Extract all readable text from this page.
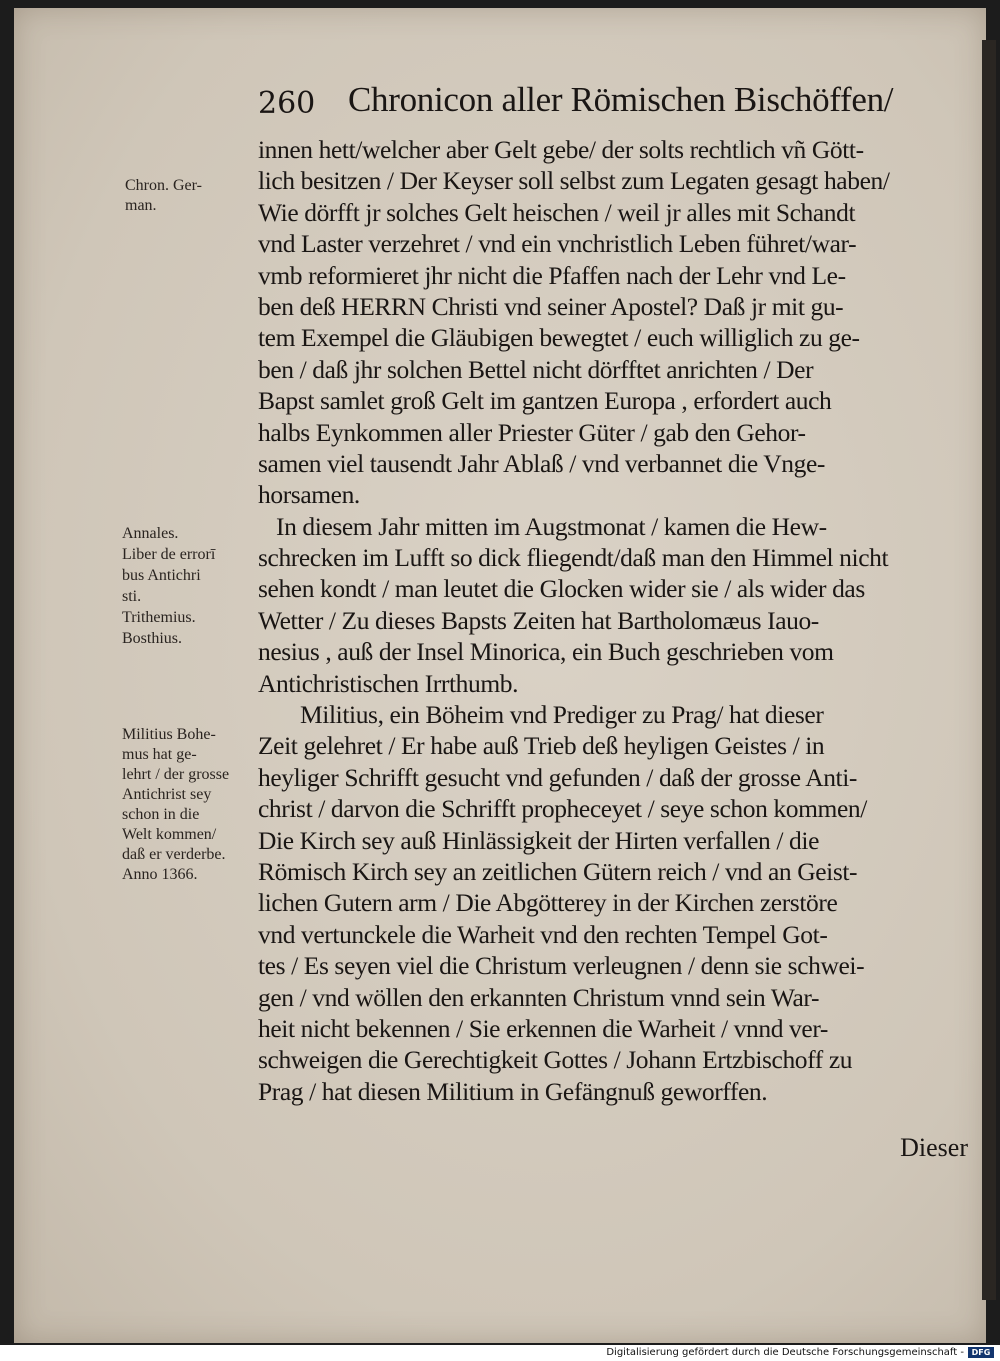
260 Chronicon aller Römischen Bischöffen/
innen hett/welcher aber Gelt gebe/ der solts rechtlich vñ Gött-
lich besitzen / Der Keyser soll selbst zum Legaten gesagt haben/
Wie dörfft jr solches Gelt heischen / weil jr alles mit Schandt
vnd Laster verzehret / vnd ein vnchristlich Leben führet/war-
vmb reformieret jhr nicht die Pfaffen nach der Lehr vnd Le-
ben deß HERRN Christi vnd seiner Apostel? Daß jr mit gu-
tem Exempel die Gläubigen bewegtet / euch williglich zu ge-
ben / daß jhr solchen Bettel nicht dörfftet anrichten / Der
Bapst samlet groß Gelt im gantzen Europa , erfordert auch
halbs Eynkommen aller Priester Güter / gab den Gehor-
samen viel tausendt Jahr Ablaß / vnd verbannet die Vnge-
horsamen.
In diesem Jahr mitten im Augstmonat / kamen die Hew-
schrecken im Lufft so dick fliegendt/daß man den Himmel nicht
sehen kondt / man leutet die Glocken wider sie / als wider das
Wetter / Zu dieses Bapsts Zeiten hat Bartholomæus Iauo-
nesius , auß der Insel Minorica, ein Buch geschrieben vom
Antichristischen Irrthumb.
Militius, ein Böheim vnd Prediger zu Prag/ hat dieser
Zeit gelehret / Er habe auß Trieb deß heyligen Geistes / in
heyliger Schrifft gesucht vnd gefunden / daß der grosse Anti-
christ / darvon die Schrifft propheceyet / seye schon kommen/
Die Kirch sey auß Hinlässigkeit der Hirten verfallen / die
Römisch Kirch sey an zeitlichen Gütern reich / vnd an Geist-
lichen Gutern arm / Die Abgötterey in der Kirchen zerstöre
vnd vertunckele die Warheit vnd den rechten Tempel Got-
tes / Es seyen viel die Christum verleugnen / denn sie schwei-
gen / vnd wöllen den erkannten Christum vnnd sein War-
heit nicht bekennen / Sie erkennen die Warheit / vnnd ver-
schweigen die Gerechtigkeit Gottes / Johann Ertzbischoff zu
Prag / hat diesen Militium in Gefängnuß geworffen.
Dieser
Chron. Ger-
man.
Annales.
Liber de errorī
bus Antichri
sti.
Trithemius.
Bosthius.
Militius Bohe-
mus hat ge-
lehrt / der grosse
Antichrist sey
schon in die
Welt kommen/
daß er verderbe.
Anno 1366.
Digitalisierung gefördert durch die Deutsche Forschungsgemeinschaft - DFG
